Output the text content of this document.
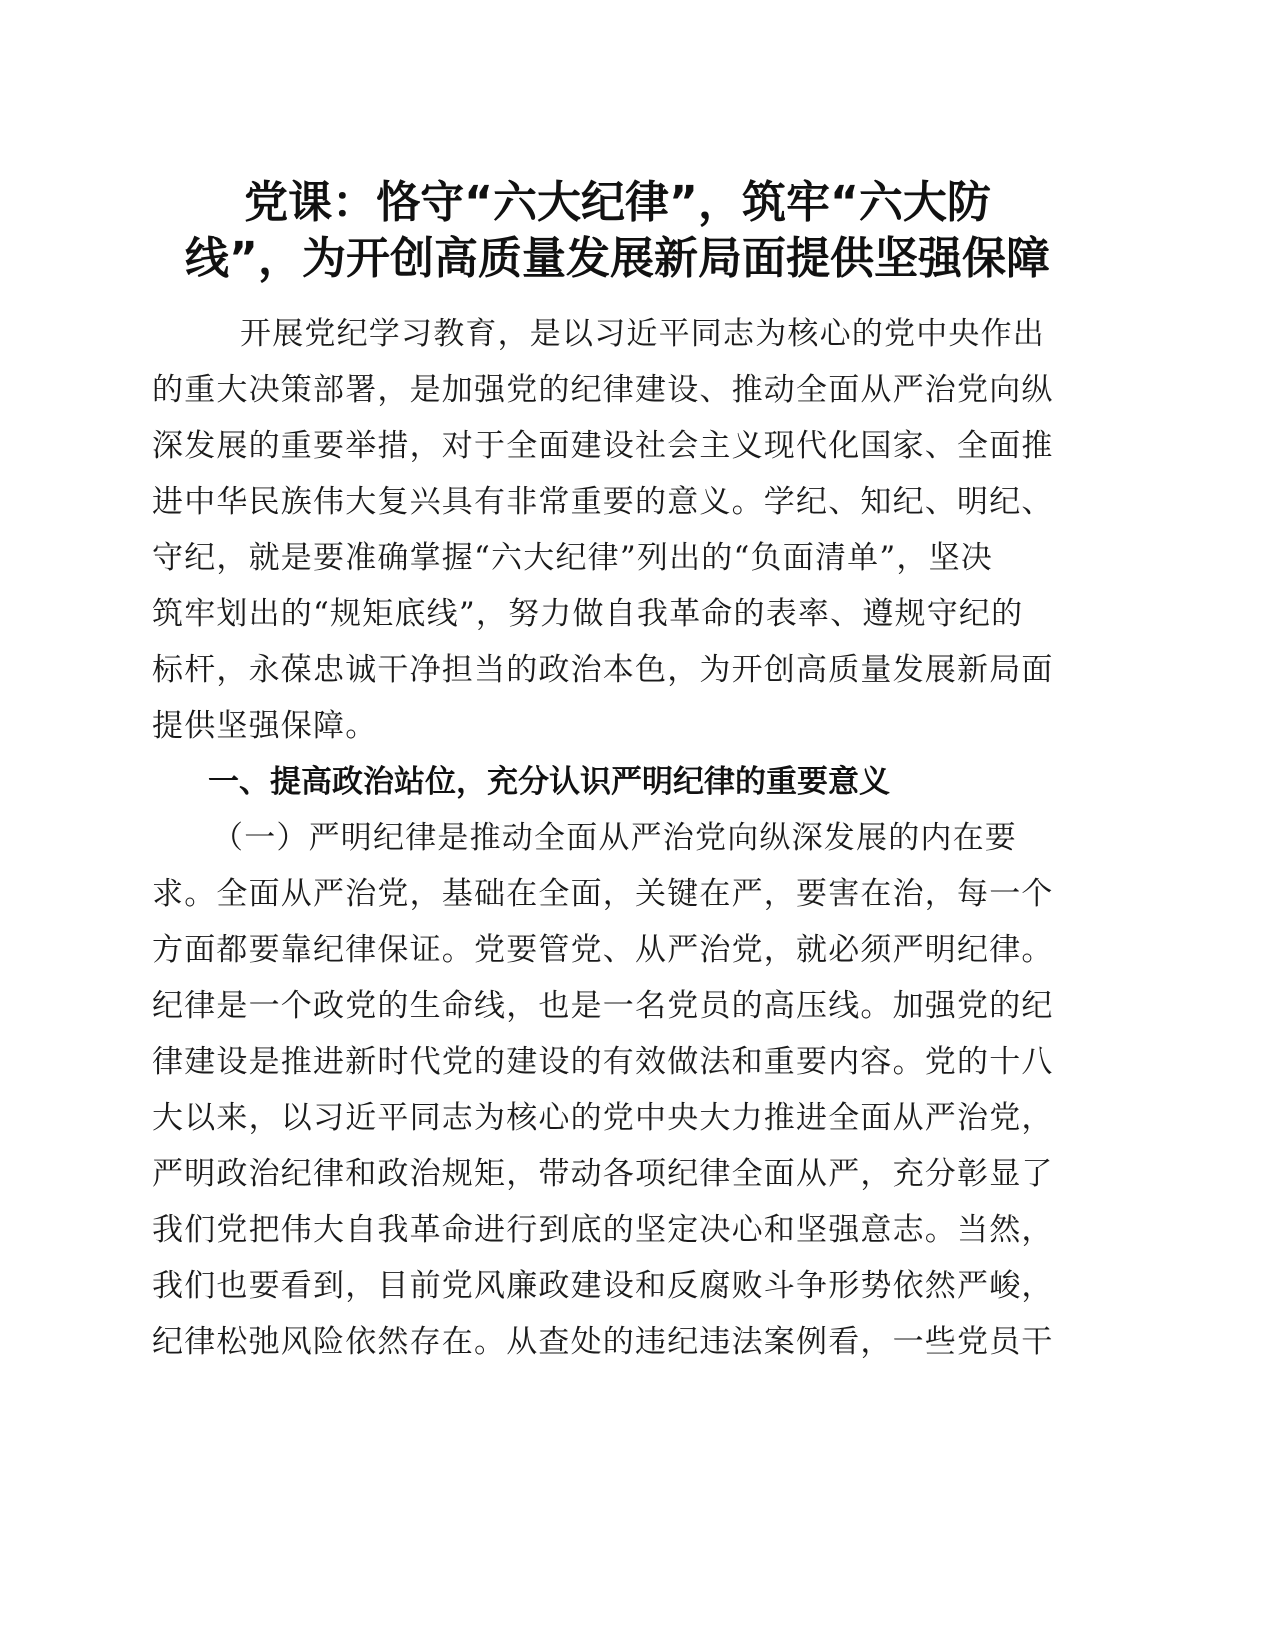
党课：恪守“六大纪律”，筑牢“六大防
线”，为开创高质量发展新局面提供坚强保障
开展党纪学习教育，是以习近平同志为核心的党中央作出
的重大决策部署，是加强党的纪律建设、推动全面从严治党向纵
深发展的重要举措，对于全面建设社会主义现代化国家、全面推
进中华民族伟大复兴具有非常重要的意义。学纪、知纪、明纪、
守纪，就是要准确掌握“六大纪律”列出的“负面清单”，坚决
筑牢划出的“规矩底线”，努力做自我革命的表率、遵规守纪的
标杆，永葆忠诚干净担当的政治本色，为开创高质量发展新局面
提供坚强保障。
一、提高政治站位，充分认识严明纪律的重要意义
（一）严明纪律是推动全面从严治党向纵深发展的内在要
求。全面从严治党，基础在全面，关键在严，要害在治，每一个
方面都要靠纪律保证。党要管党、从严治党，就必须严明纪律。
纪律是一个政党的生命线，也是一名党员的高压线。加强党的纪
律建设是推进新时代党的建设的有效做法和重要内容。党的十八
大以来，以习近平同志为核心的党中央大力推进全面从严治党，
严明政治纪律和政治规矩，带动各项纪律全面从严，充分彰显了
我们党把伟大自我革命进行到底的坚定决心和坚强意志。当然，
我们也要看到，目前党风廉政建设和反腐败斗争形势依然严峻，
纪律松弛风险依然存在。从查处的违纪违法案例看，一些党员干
